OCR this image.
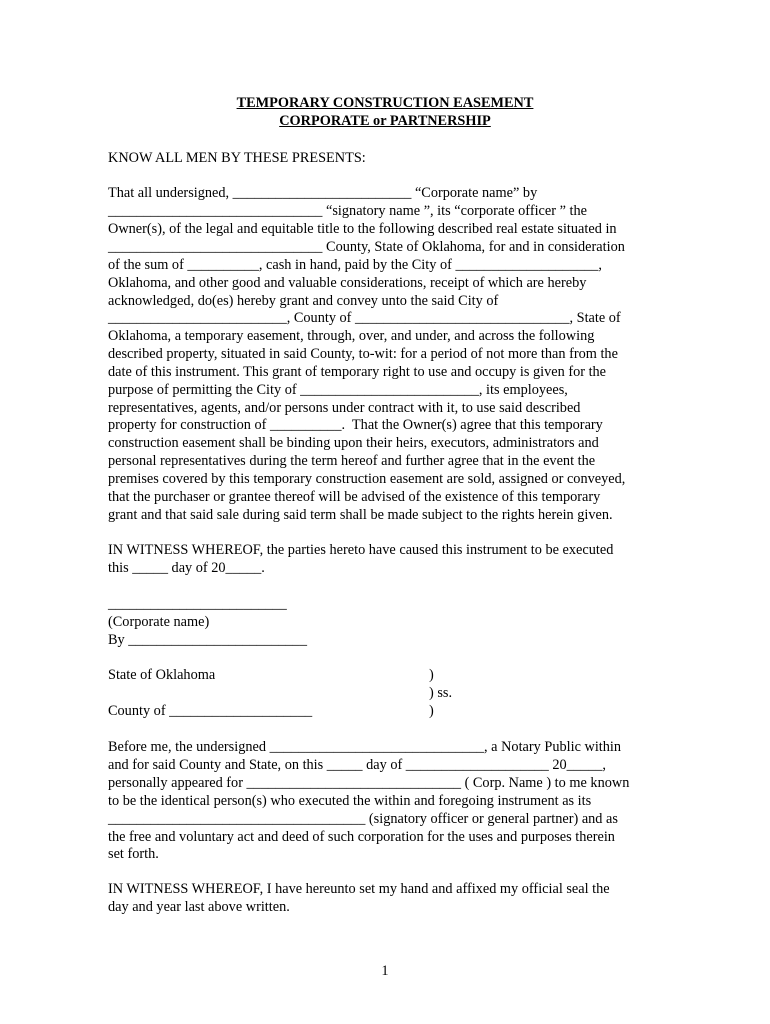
TEMPORARY CONSTRUCTION EASEMENT
CORPORATE or PARTNERSHIP
KNOW ALL MEN BY THESE PRESENTS:
That all undersigned, _________________________ “Corporate name” by
______________________________ “signatory name ”, its “corporate officer ” the
Owner(s), of the legal and equitable title to the following described real estate situated in
______________________________ County, State of Oklahoma, for and in consideration
of the sum of __________, cash in hand, paid by the City of ____________________,
Oklahoma, and other good and valuable considerations, receipt of which are hereby
acknowledged, do(es) hereby grant and convey unto the said City of
_________________________, County of ______________________________, State of
Oklahoma, a temporary easement, through, over, and under, and across the following
described property, situated in said County, to-wit: for a period of not more than from the
date of this instrument. This grant of temporary right to use and occupy is given for the
purpose of permitting the City of _________________________, its employees,
representatives, agents, and/or persons under contract with it, to use said described
property for construction of __________.  That the Owner(s) agree that this temporary
construction easement shall be binding upon their heirs, executors, administrators and
personal representatives during the term hereof and further agree that in the event the
premises covered by this temporary construction easement are sold, assigned or conveyed,
that the purchaser or grantee thereof will be advised of the existence of this temporary
grant and that said sale during said term shall be made subject to the rights herein given.
IN WITNESS WHEREOF, the parties hereto have caused this instrument to be executed
this _____ day of 20_____.
_________________________
(Corporate name)
By _________________________
State of Oklahoma	)
) ss.
County of ____________________	)
Before me, the undersigned ______________________________, a Notary Public within
and for said County and State, on this _____ day of ____________________ 20_____,
personally appeared for ______________________________ ( Corp. Name ) to me known
to be the identical person(s) who executed the within and foregoing instrument as its
____________________________________ (signatory officer or general partner) and as
the free and voluntary act and deed of such corporation for the uses and purposes therein
set forth.
IN WITNESS WHEREOF, I have hereunto set my hand and affixed my official seal the
day and year last above written.
1
